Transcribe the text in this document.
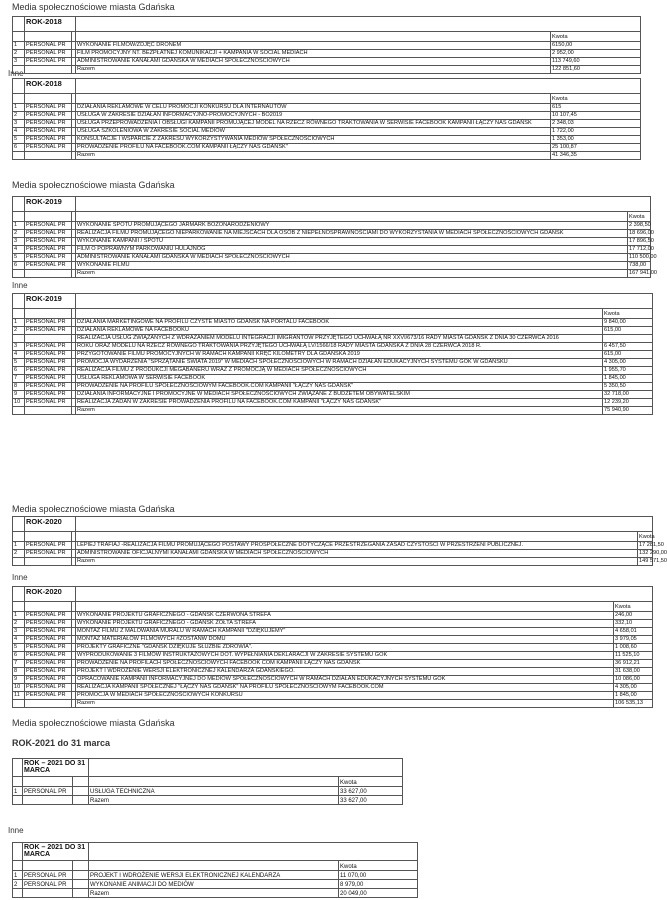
Media społecznościowe miasta Gdańska
Media społecznościowe miasta Gdańska
Media społecznościowe miasta Gdańska
Media społecznościowe miasta Gdańska
ROK-2021 do 31 marca
Inne
Inne
Inne
Inne
	ROK-2018			
				Kwota
1	PERSONAL PR		WYKONANIE FILMÓW/ZDJĘĆ DRONEM	6150,00
2	PERSONAL PR		FILM PROMOCYJNY NT. BEZPŁATNEJ KOMUNIKACJI + KAMPANIA W SOCIAL MEDIACH	2 952,00
3	PERSONAL PR		ADMINISTROWANIE KANAŁAMI GDAŃSKA W MEDIACH SPOŁECZNOŚCIOWYCH	113 749,60
			Razem	122 851,60
	ROK-2018			
				Kwota
1	PERSONAL PR		DZIAŁANIA REKLAMOWE W CELU PROMOCJI KONKURSU DLA INTERNAUTÓW	615
2	PERSONAL PR		USŁUGA W ZAKRESIE DZIAŁAŃ INFORMACYJNO-PROMOCYJNYCH - BO2019	10 107,45
3	PERSONAL PR		USŁUGA PRZEPROWADZENIA I OBSŁUGI KAMPANII PROMUJĄCEJ MODEL NA RZECZ RÓWNEGO TRAKTOWANIA W SERWISIE FACEBOOK KAMPANII ŁĄCZY NAS GDAŃSK	2 348,03
4	PERSONAL PR		USŁUGA SZKOLENIOWA W ZAKRESIE SOCIAL MEDIÓW	1 722,00
5	PERSONAL PR		KONSULTACJE I WSPARCIE Z ZAKRESU WYKORZYSTYWANIA MEDIÓW SPOŁECZNOŚCIOWYCH	1 353,00
6	PERSONAL PR		PROWADZENIE PROFILU NA FACEBOOK.COM KAMPANII ŁĄCZY NAS GDAŃSK"	25 100,87
			Razem	41 346,35
	ROK-2019			
				Kwota
1	PERSONAL PR		WYKONANIE SPOTU PROMUJĄCEGO JARMARK BOŻONARODZENIOWY	2 398,50
2	PERSONAL PR		REALIZACJA FILMU PROMUJĄCEGO NIEPARKOWANIE NA MIEJSCACH DLA OSÓB Z NIEPEŁNOSPRAWNOŚCIAMI DO WYKORZYSTANIA W MEDIACH SPOŁECZNOŚCIOWYCH GDAŃSK	18 696,00
3	PERSONAL PR		WYKONANIE KAMPANII / SPOTU	17 896,50
4	PERSONAL PR		FILM O POPRAWNYM PARKOWANIU HULAJNÓG	17 712,00
5	PERSONAL PR		ADMINISTROWANIE KANAŁAMI GDAŃSKA W MEDIACH SPOŁECZNOŚCIOWYCH	110 500,00
6	PERSONAL PR		WYKONANIE FILMU	738,00
			Razem	167 941,00
	ROK-2019			
				Kwota
1	PERSONAL PR		DZIAŁANIA MARKETINGOWE NA PROFILU CZYSTE MIASTO GDAŃSK NA PORTALU FACEBOOK	9 840,00
2	PERSONAL PR		DZIAŁANIA REKLAMOWE NA FACEBOOKU	615,00
			REALIZACJA USŁUG ZWIĄZANYCH Z WDRAŻANIEM MODELU INTEGRACJI IMIGRANTÓW PRZYJĘTEGO UCHWAŁĄ NR XXVI/673/16 RADY MIASTA GDAŃSK Z DNIA 30 CZERWCA 2016	
3	PERSONAL PR		ROKU ORAZ MODELU NA RZECZ RÓWNEGO TRAKTOWANIA PRZYJĘTEGO UCHWAŁĄ LV/1566/18 RADY MIASTA GDAŃSKA Z DNIA 28 CZERWCA 2018 R.	6 457,50
4	PERSONAL PR		PRZYGOTOWANIE FILMU PROMOCYJNYCH W RAMACH KAMPANII KRĘĆ KILOMETRY DLA GDAŃSKA 2019	615,00
5	PERSONAL PR		PROMOCJA WYDARZENIA "SPRZĄTANIE ŚWIATA 2019" W MEDIACH SPOŁECZNOŚCIOWYCH W RAMACH DZIAŁAŃ EDUKACYJNYCH SYSTEMU GOK W GDAŃSKU	4 305,00
6	PERSONAL PR		REALIZACJA FILMU Z PRODUKCJI MEGABANERU WRAZ Z PROMOCJĄ W MEDIACH SPOŁECZNOŚCIOWYCH	1 955,70
7	PERSONAL PR		USŁUGA REKLAMOWA W SERWISIE FACEBOOK	1 845,00
8	PERSONAL PR		PROWADZENIE NA PROFILU SPOŁECZNOŚCIOWYM FACEBOOK.COM KAMPANII "ŁĄCZY NAS GDAŃSK"	5 350,50
9	PERSONAL PR		DZIAŁANIA INFORMACYJNE I PROMOCYJNE W MEDIACH SPOŁECZNOŚCIOWYCH ZWIĄZANE Z BUDŻETEM OBYWATELSKIM	32 718,00
10	PERSONAL PR		REALIZACJA ZADAŃ W ZAKRESIE PROWADZENIA PROFILU NA FACEBOOK.COM KAMPANII "ŁĄCZY NAS GDAŃSK"	12 239,20
			Razem	75 940,90
	ROK-2020			
				Kwota
1	PERSONAL PR		LEPIEJ TRAFIAJ -REALIZACJA FILMU PROMUJĄCEGO POSTAWY PROSPOŁECZNE DOTYCZĄCE PRZESTRZEGANIA ZASAD CZYSTOŚCI W PRZESTRZENI PUBLICZNEJ.	17 281,50
2	PERSONAL PR		ADMINISTROWANIE OFICJALNYMI KANAŁAMI GDAŃSKA W MEDIACH SPOŁECZNOŚCIOWYCH	132 290,00
			Razem	149 571,50
	ROK-2020			
				Kwota
1	PERSONAL PR		WYKONANIE PROJEKTU GRAFICZNEGO - GDAŃSK CZERWONA STREFA	246,00
2	PERSONAL PR		WYKONANIE PROJEKTU GRAFICZNEGO - GDAŃSK ŻÓŁTA STREFA	332,10
3	PERSONAL PR		MONTAŻ FILMU Z MALOWANIA MURALU W RAMACH KAMPANII "DZIĘKUJEMY"	4 658,01
4	PERSONAL PR		MONTAŻ MATERIAŁÓW FILMOWYCH #ZOSTAŃW DOMU	3 979,05
5	PERSONAL PR		PROJEKTY GRAFICZNE "GDAŃSK DZIĘKUJE SŁUŻBIE ZDROWIA".	1 008,60
6	PERSONAL PR		WYPRODUKOWANIE 3 FILMÓW INSTRUKTAŻOWYCH DOT. WYPEŁNIANIA DEKLARACJI W ZAKRESIE SYSTEMU GOK	11 525,10
7	PERSONAL PR		PROWADZENIE NA PROFILACH SPOŁECZNOŚCIOWYCH FACEBOOK COM KAMPANII ŁĄCZY NAS GDAŃSK	36 912,21
8	PERSONAL PR		PROJEKT I WDROŻENIE WERSJI ELEKTRONICZNEJ KALENDARZA GDAŃSKIEGO.	31 638,00
9	PERSONAL PR		OPRACOWANIE KAMPANII INFORMACYJNEJ DO MEDIÓW SPOŁECZNOŚCIOWYCH W RAMACH DZIAŁAŃ EDUKACYJNYCH SYSTEMU GOK	10 086,00
10	PERSONAL PR		REALIZACJA KAMPANII SPOŁECZNEJ "ŁĄCZY NAS GDAŃSK" NA PROFILU SPOŁECZNOŚCIOWYM FACEBOOK.COM	4 305,00
11	PERSONAL PR		PROMOCJA W MEDIACH SPOŁECZNOŚCIOWYCH KONKURSU	1 845,00
			Razem	106 535,13
	ROK – 2021 DO 31 MARCA			
				Kwota
1	PERSONAL PR		USŁUGA TECHNICZNA	33 627,00
			Razem	33 627,00
	ROK – 2021 DO 31 MARCA			
				Kwota
1	PERSONAL PR		PROJEKT I WDROŻENIE WERSJI ELEKTRONICZNEJ KALENDARZA	11 070,00
2	PERSONAL PR		WYKONANIE ANIMACJI DO MEDIÓW	8 979,00
			Razem	20 049,00
